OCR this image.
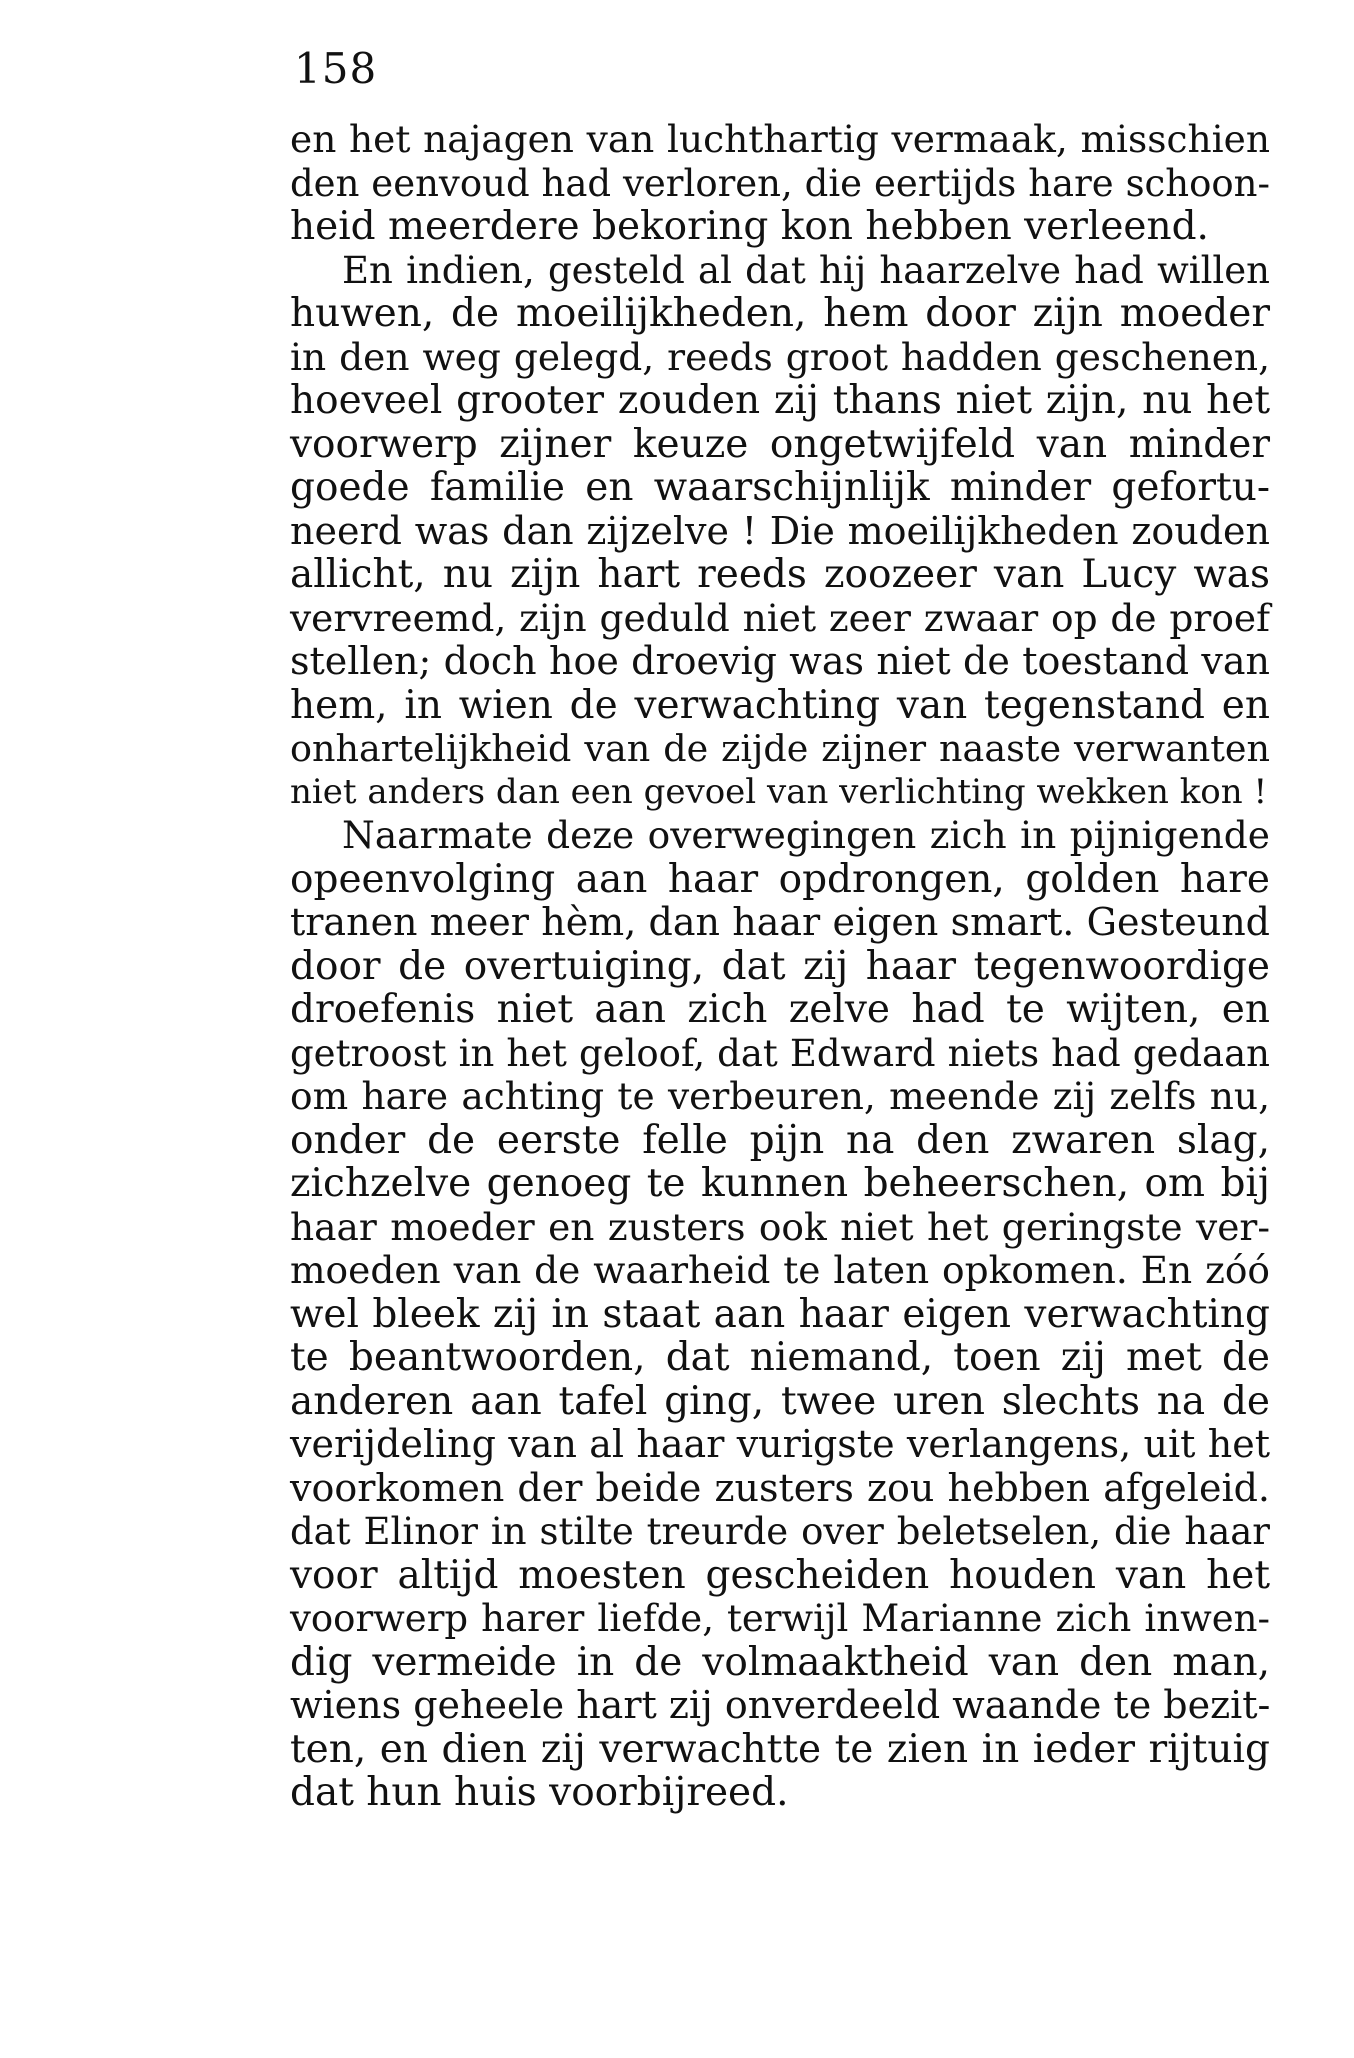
158
en het najagen van luchthartig vermaak, misschien
den eenvoud had verloren, die eertijds hare schoon-
heid meerdere bekoring kon hebben verleend.
En indien, gesteld al dat hij haarzelve had willen
huwen, de moeilijkheden, hem door zijn moeder
in den weg gelegd, reeds groot hadden geschenen,
hoeveel grooter zouden zij thans niet zijn, nu het
voorwerp zijner keuze ongetwijfeld van minder
goede familie en waarschijnlijk minder gefortu-
neerd was dan zijzelve ! Die moeilijkheden zouden
allicht, nu zijn hart reeds zoozeer van Lucy was
vervreemd, zijn geduld niet zeer zwaar op de proef
stellen; doch hoe droevig was niet de toestand van
hem, in wien de verwachting van tegenstand en
onhartelijkheid van de zijde zijner naaste verwanten
niet anders dan een gevoel van verlichting wekken kon !
Naarmate deze overwegingen zich in pijnigende
opeenvolging aan haar opdrongen, golden hare
tranen meer hèm, dan haar eigen smart. Gesteund
door de overtuiging, dat zij haar tegenwoordige
droefenis niet aan zich zelve had te wijten, en
getroost in het geloof, dat Edward niets had gedaan
om hare achting te verbeuren, meende zij zelfs nu,
onder de eerste felle pijn na den zwaren slag,
zichzelve genoeg te kunnen beheerschen, om bij
haar moeder en zusters ook niet het geringste ver-
moeden van de waarheid te laten opkomen. En zóó
wel bleek zij in staat aan haar eigen verwachting
te beantwoorden, dat niemand, toen zij met de
anderen aan tafel ging, twee uren slechts na de
verijdeling van al haar vurigste verlangens, uit het
voorkomen der beide zusters zou hebben afgeleid.
dat Elinor in stilte treurde over beletselen, die haar
voor altijd moesten gescheiden houden van het
voorwerp harer liefde, terwijl Marianne zich inwen-
dig vermeide in de volmaaktheid van den man,
wiens geheele hart zij onverdeeld waande te bezit-
ten, en dien zij verwachtte te zien in ieder rijtuig
dat hun huis voorbijreed.
